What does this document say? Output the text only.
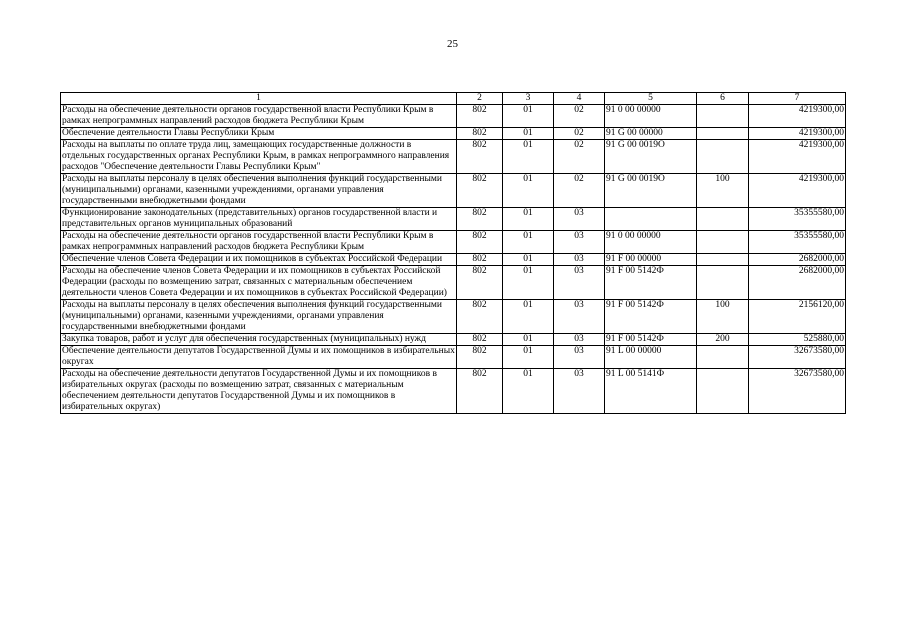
25
1	2	3	4	5	6	7
Расходы на обеспечение деятельности органов государственной власти Республики Крым в рамках непрограммных направлений расходов бюджета Республики Крым	802	01	02	91 0 00 00000		4219300,00
Обеспечение деятельности Главы Республики Крым	802	01	02	91 G 00 00000		4219300,00
Расходы на выплаты по оплате труда лиц, замещающих государственные должности в отдельных государственных органах Республики Крым, в рамках непрограммного направления расходов "Обеспечение деятельности Главы Республики Крым"	802	01	02	91 G 00 0019О		4219300,00
Расходы на выплаты персоналу в целях обеспечения выполнения функций государственными (муниципальными) органами, казенными учреждениями, органами управления государственными внебюджетными фондами	802	01	02	91 G 00 0019О	100	4219300,00
Функционирование законодательных (представительных) органов государственной власти и представительных органов муниципальных образований	802	01	03			35355580,00
Расходы на обеспечение деятельности органов государственной власти Республики Крым в рамках непрограммных направлений расходов бюджета Республики Крым	802	01	03	91 0 00 00000		35355580,00
Обеспечение членов Совета Федерации и их помощников в субъектах Российской Федерации	802	01	03	91 F 00 00000		2682000,00
Расходы на обеспечение членов Совета Федерации и их помощников в субъектах Российской Федерации (расходы по возмещению затрат, связанных с материальным обеспечением деятельности членов Совета Федерации и их помощников в субъектах Российской Федерации)	802	01	03	91 F 00 5142Ф		2682000,00
Расходы на выплаты персоналу в целях обеспечения выполнения функций государственными (муниципальными) органами, казенными учреждениями, органами управления государственными внебюджетными фондами	802	01	03	91 F 00 5142Ф	100	2156120,00
Закупка товаров, работ и услуг для обеспечения государственных (муниципальных) нужд	802	01	03	91 F 00 5142Ф	200	525880,00
Обеспечение деятельности депутатов Государственной Думы и их помощников в избирательных округах	802	01	03	91 L 00 00000		32673580,00
Расходы на обеспечение деятельности депутатов Государственной Думы и их помощников в избирательных округах (расходы по возмещению затрат, связанных с материальным обеспечением деятельности депутатов Государственной Думы и их помощников в избирательных округах)	802	01	03	91 L 00 5141Ф		32673580,00
